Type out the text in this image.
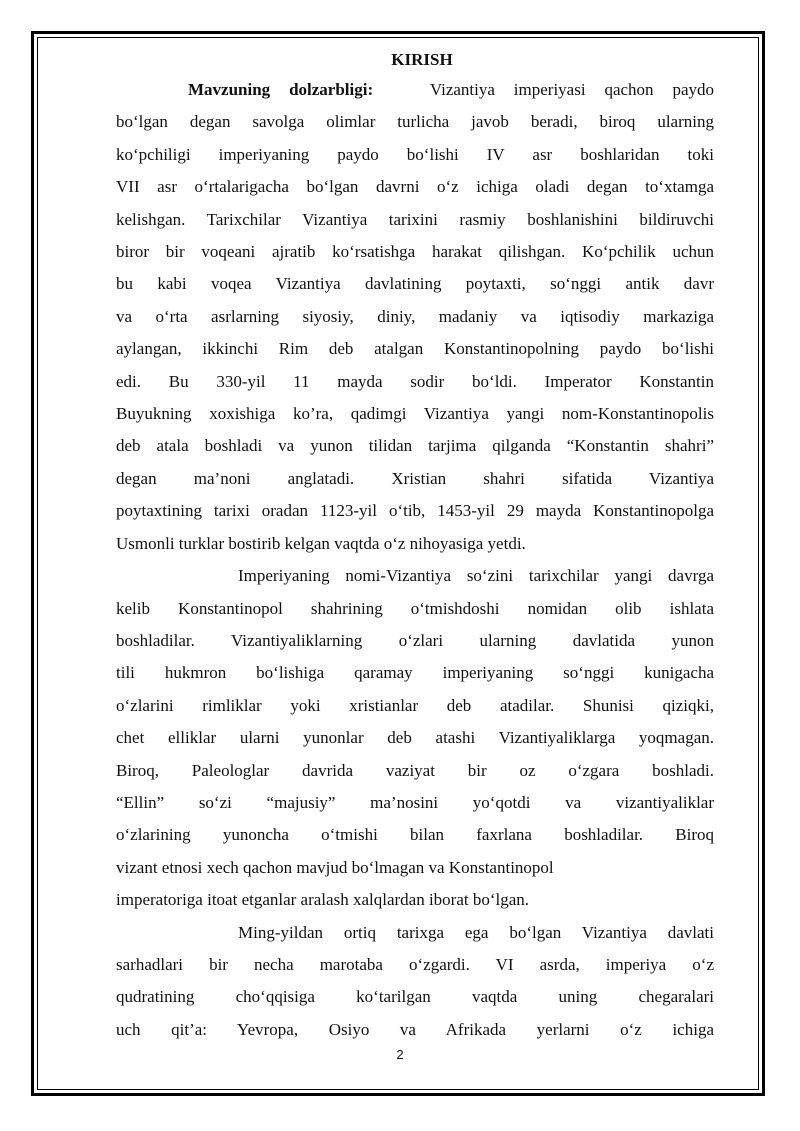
KIRISH

Mavzuning dolzarbligi:	Vizantiya imperiyasi qachon paydo
bo‘lgan degan savolga olimlar turlicha javob beradi, biroq ularning
ko‘pchiligi imperiyaning paydo bo‘lishi IV asr boshlaridan toki
VII asr o‘rtalarigacha bo‘lgan davrni o‘z ichiga oladi degan to‘xtamga
kelishgan. Tarixchilar Vizantiya tarixini rasmiy boshlanishini bildiruvchi
biror bir voqeani ajratib ko‘rsatishga harakat qilishgan. Ko‘pchilik uchun
bu kabi voqea Vizantiya davlatining poytaxti, so‘nggi antik davr
va o‘rta asrlarning siyosiy, diniy, madaniy va iqtisodiy markaziga
aylangan, ikkinchi Rim deb atalgan Konstantinopolning paydo bo‘lishi
edi. Bu 330-yil 11 mayda sodir bo‘ldi. Imperator Konstantin
Buyukning xoxishiga ko’ra, qadimgi Vizantiya yangi nom-Konstantinopolis
deb atala boshladi va yunon tilidan tarjima qilganda “Konstantin shahri”
degan ma’noni anglatadi. Xristian shahri sifatida Vizantiya
poytaxtining tarixi oradan 1123-yil o‘tib, 1453-yil 29 mayda Konstantinopolga
Usmonli turklar bostirib kelgan vaqtda o‘z nihoyasiga yetdi.

Imperiyaning nomi-Vizantiya so‘zini tarixchilar yangi davrga
kelib Konstantinopol shahrining o‘tmishdoshi nomidan olib ishlata
boshladilar. Vizantiyaliklarning o‘zlari ularning davlatida yunon
tili hukmron bo‘lishiga qaramay imperiyaning so‘nggi kunigacha
o‘zlarini rimliklar yoki xristianlar deb atadilar. Shunisi qiziqki,
chet elliklar ularni yunonlar deb atashi Vizantiyaliklarga yoqmagan.
Biroq, Paleologlar davrida vaziyat bir oz o‘zgara boshladi.
“Ellin” so‘zi “majusiy” ma’nosini yo‘qotdi va vizantiyaliklar
o‘zlarining yunoncha o‘tmishi bilan faxrlana boshladilar. Biroq
vizant etnosi xech qachon mavjud bo‘lmagan va Konstantinopol
imperatoriga itoat etganlar aralash xalqlardan iborat bo‘lgan.

Ming-yildan ortiq tarixga ega bo‘lgan Vizantiya davlati
sarhadlari bir necha marotaba o‘zgardi. VI asrda, imperiya o‘z
qudratining cho‘qqisiga ko‘tarilgan vaqtda uning chegaralari
uch qit’a: Yevropa, Osiyo va Afrikada yerlarni o‘z ichiga

2
